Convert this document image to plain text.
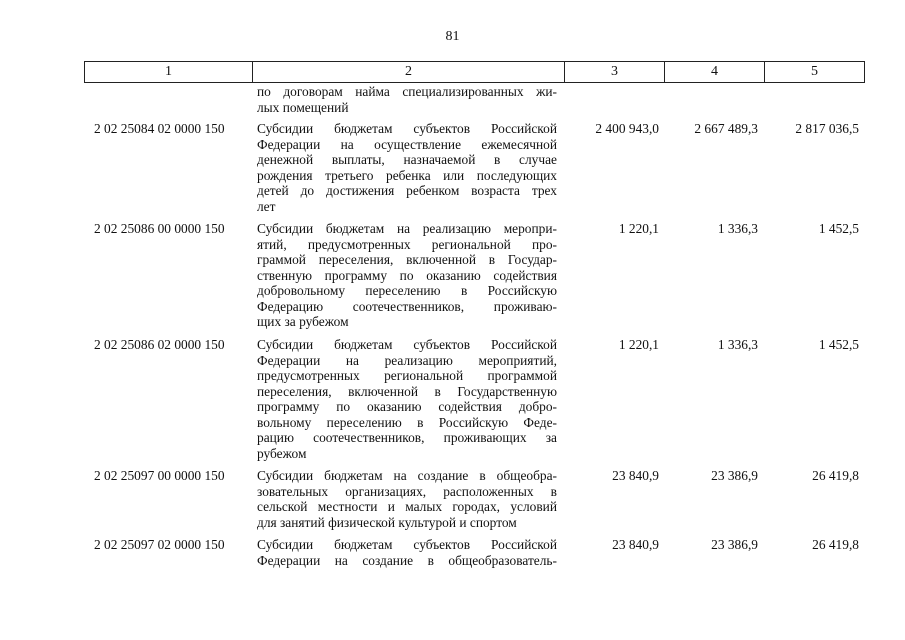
81
1	2	3	4	5
по договорам найма специализированных жи-
лых помещений
2 02 25084 02 0000 150 Субсидии бюджетам субъектов Российской
Федерации на осуществление ежемесячной
денежной выплаты, назначаемой в случае
рождения третьего ребенка или последующих
детей до достижения ребенком возраста трех
лет
2 400 943,0	2 667 489,3	2 817 036,5
2 02 25086 00 0000 150 Субсидии бюджетам на реализацию меропри-
ятий, предусмотренных региональной про-
граммой переселения, включенной в Государ-
ственную программу по оказанию содействия
добровольному переселению в Российскую
Федерацию соотечественников, проживаю-
щих за рубежом
1 220,1	1 336,3	1 452,5
2 02 25086 02 0000 150 Субсидии бюджетам субъектов Российской
Федерации на реализацию мероприятий,
предусмотренных региональной программой
переселения, включенной в Государственную
программу по оказанию содействия добро-
вольному переселению в Российскую Феде-
рацию соотечественников, проживающих за
рубежом
1 220,1	1 336,3	1 452,5
2 02 25097 00 0000 150 Субсидии бюджетам на создание в общеобра-
зовательных организациях, расположенных в
сельской местности и малых городах, условий
для занятий физической культурой и спортом
23 840,9	23 386,9	26 419,8
2 02 25097 02 0000 150 Субсидии бюджетам субъектов Российской
Федерации на создание в общеобразователь-
23 840,9	23 386,9	26 419,8
